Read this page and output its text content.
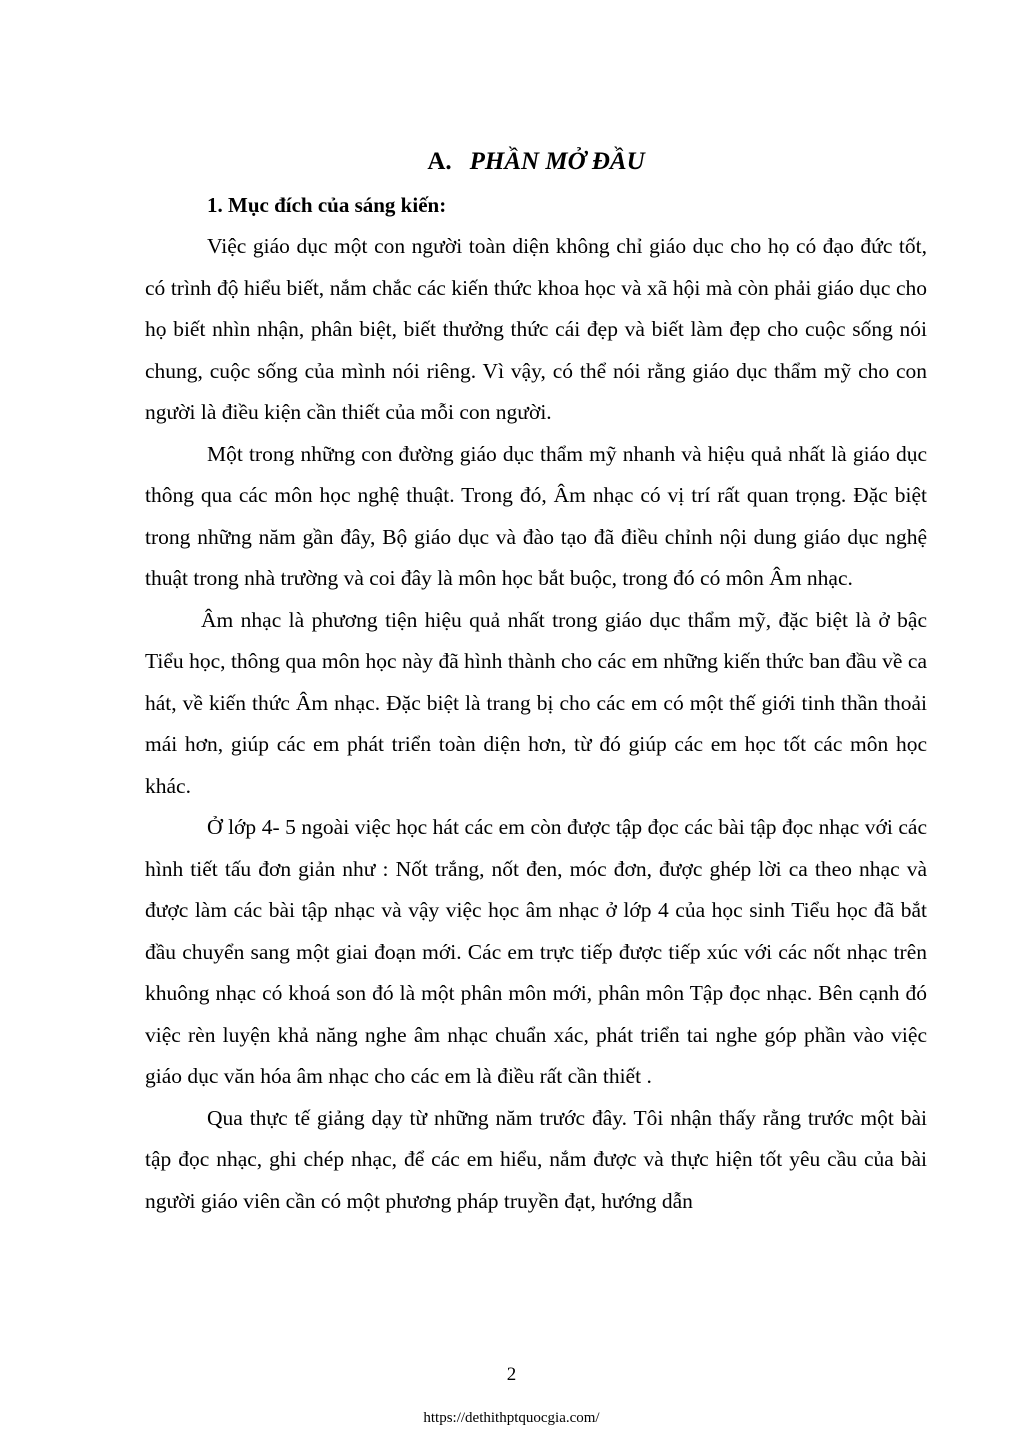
A. PHẦN MỞ ĐẦU

1. Mục đích của sáng kiến:

Việc giáo dục một con người toàn diện không chỉ giáo dục cho họ có đạo đức tốt, có trình độ hiểu biết, nắm chắc các kiến thức khoa học và xã hội mà còn phải giáo dục cho họ biết nhìn nhận, phân biệt, biết thưởng thức cái đẹp và biết làm đẹp cho cuộc sống nói chung, cuộc sống của mình nói riêng. Vì vậy, có thể nói rằng giáo dục thẩm mỹ cho con người là điều kiện cần thiết của mỗi con người.

Một trong những con đường giáo dục thẩm mỹ nhanh và hiệu quả nhất là giáo dục thông qua các môn học nghệ thuật. Trong đó, Âm nhạc có vị trí rất quan trọng. Đặc biệt trong những năm gần đây, Bộ giáo dục và đào tạo đã điều chỉnh nội dung giáo dục nghệ thuật trong nhà trường và coi đây là môn học bắt buộc, trong đó có môn Âm nhạc.

Âm nhạc là phương tiện hiệu quả nhất trong giáo dục thẩm mỹ, đặc biệt là ở bậc Tiểu học, thông qua môn học này đã hình thành cho các em những kiến thức ban đầu về ca hát, về kiến thức Âm nhạc. Đặc biệt là trang bị cho các em có một thế giới tinh thần thoải mái hơn, giúp các em phát triển toàn diện hơn, từ đó giúp các em học tốt các môn học khác.

Ở lớp 4- 5 ngoài việc học hát các em còn được tập đọc các bài tập đọc nhạc với các hình tiết tấu đơn giản như : Nốt trắng, nốt đen, móc đơn, được ghép lời ca theo nhạc và được làm các bài tập nhạc và vậy việc học âm nhạc ở lớp 4 của học sinh Tiểu học đã bắt đầu chuyển sang một giai đoạn mới. Các em trực tiếp được tiếp xúc với các nốt nhạc trên khuông nhạc có khoá son đó là một phân môn mới, phân môn Tập đọc nhạc. Bên cạnh đó việc rèn luyện khả năng nghe âm nhạc chuẩn xác, phát triển tai nghe góp phần vào việc giáo dục văn hóa âm nhạc cho các em là điều rất cần thiết .

Qua thực tế giảng dạy từ những năm trước đây. Tôi nhận thấy rằng trước một bài tập đọc nhạc, ghi chép nhạc, để các em hiểu, nắm được và thực hiện tốt yêu cầu của bài người giáo viên cần có một phương pháp truyền đạt, hướng dẫn

2
https://dethithptquocgia.com/
